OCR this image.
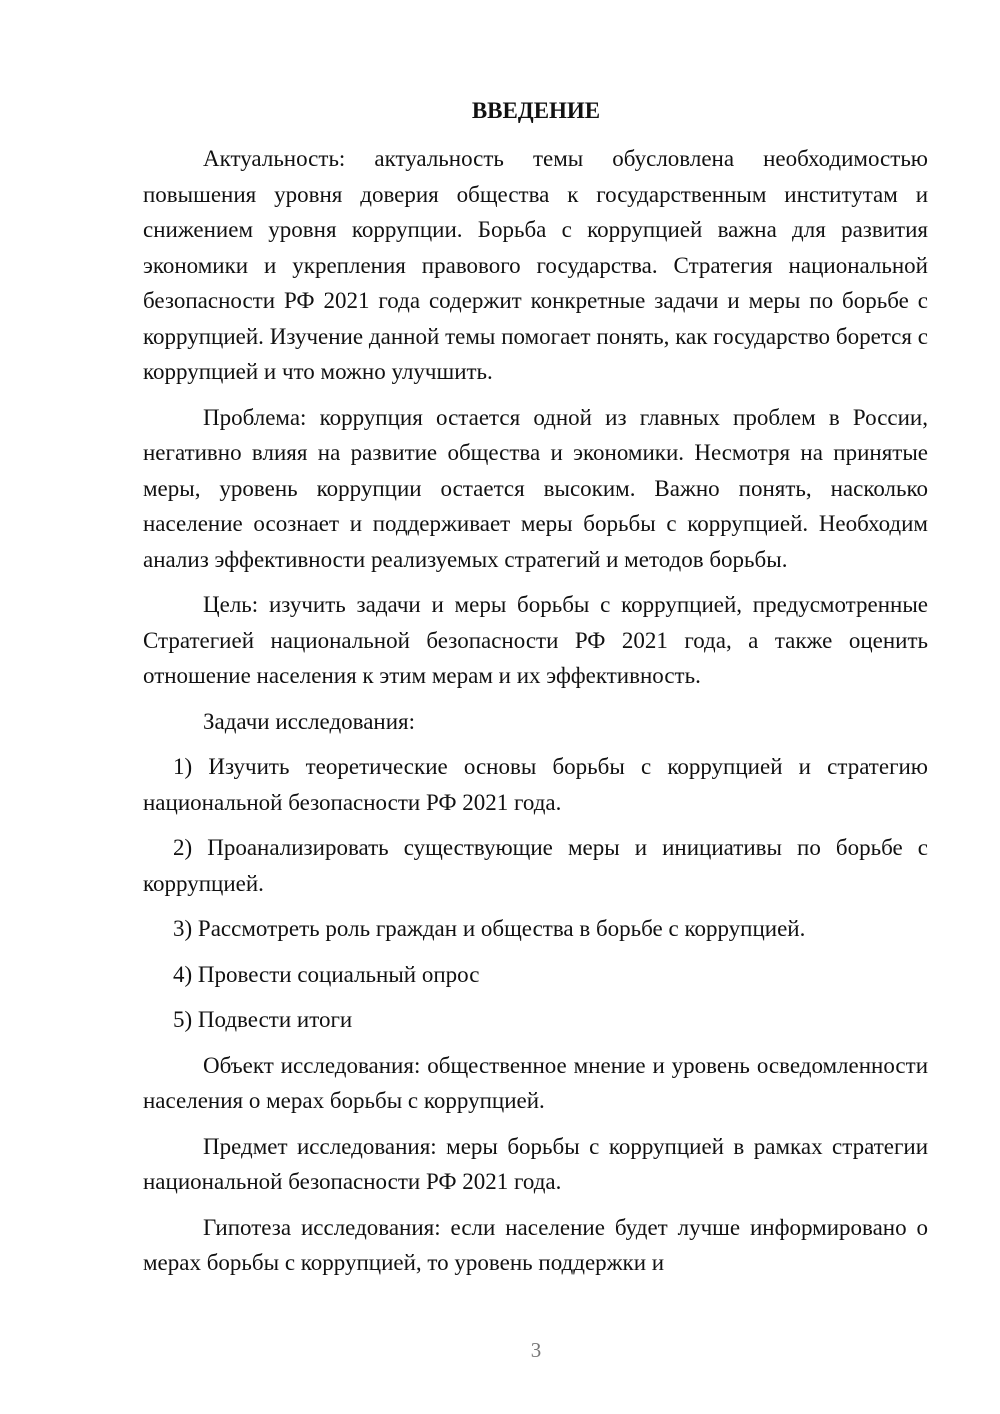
ВВЕДЕНИЕ

Актуальность: актуальность темы обусловлена необходимостью повышения уровня доверия общества к государственным институтам и снижением уровня коррупции. Борьба с коррупцией важна для развития экономики и укрепления правового государства. Стратегия национальной безопасности РФ 2021 года содержит конкретные задачи и меры по борьбе с коррупцией. Изучение данной темы помогает понять, как государство борется с коррупцией и что можно улучшить.

Проблема: коррупция остается одной из главных проблем в России, негативно влияя на развитие общества и экономики. Несмотря на принятые меры, уровень коррупции остается высоким. Важно понять, насколько население осознает и поддерживает меры борьбы с коррупцией. Необходим анализ эффективности реализуемых стратегий и методов борьбы.

Цель: изучить задачи и меры борьбы с коррупцией, предусмотренные Стратегией национальной безопасности РФ 2021 года, а также оценить отношение населения к этим мерам и их эффективность.

Задачи исследования:

1) Изучить теоретические основы борьбы с коррупцией и стратегию национальной безопасности РФ 2021 года.

2) Проанализировать существующие меры и инициативы по борьбе с коррупцией.

3) Рассмотреть роль граждан и общества в борьбе с коррупцией.

4) Провести социальный опрос

5) Подвести итоги

Объект исследования: общественное мнение и уровень осведомленности населения о мерах борьбы с коррупцией.

Предмет исследования: меры борьбы с коррупцией в рамках стратегии национальной безопасности РФ 2021 года.

Гипотеза исследования: если население будет лучше информировано о мерах борьбы с коррупцией, то уровень поддержки и

3
